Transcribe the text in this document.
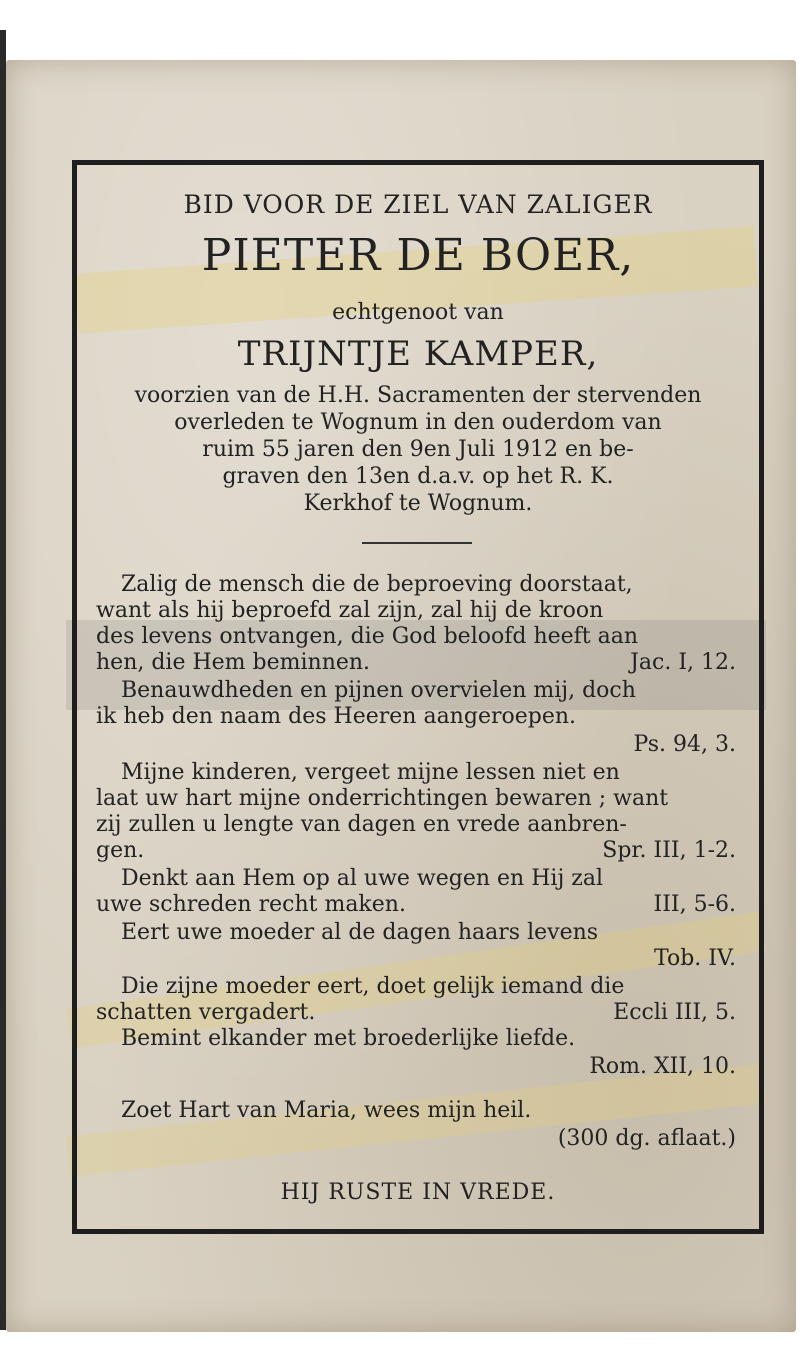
BID VOOR DE ZIEL VAN ZALIGER
PIETER DE BOER,
echtgenoot van
TRIJNTJE KAMPER,
voorzien van de H.H. Sacramenten der stervenden
overleden te Wognum in den ouderdom van
ruim 55 jaren den 9en Juli 1912 en be-
graven den 13en d.a.v. op het R. K.
Kerkhof te Wognum.
Zalig de mensch die de beproeving doorstaat,
want als hij beproefd zal zijn, zal hij de kroon
des levens ontvangen, die God beloofd heeft aan
hen, die Hem beminnen.	Jac. I, 12.
Benauwdheden en pijnen overvielen mij, doch
ik heb den naam des Heeren aangeroepen.
Ps. 94, 3.
Mijne kinderen, vergeet mijne lessen niet en
laat uw hart mijne onderrichtingen bewaren ; want
zij zullen u lengte van dagen en vrede aanbren-
gen.	Spr. III, 1-2.
Denkt aan Hem op al uwe wegen en Hij zal
uwe schreden recht maken.	III, 5-6.
Eert uwe moeder al de dagen haars levens
Tob. IV.
Die zijne moeder eert, doet gelijk iemand die
schatten vergadert.	Eccli III, 5.
Bemint elkander met broederlijke liefde.
Rom. XII, 10.
Zoet Hart van Maria, wees mijn heil.
(300 dg. aflaat.)
HIJ RUSTE IN VREDE.
